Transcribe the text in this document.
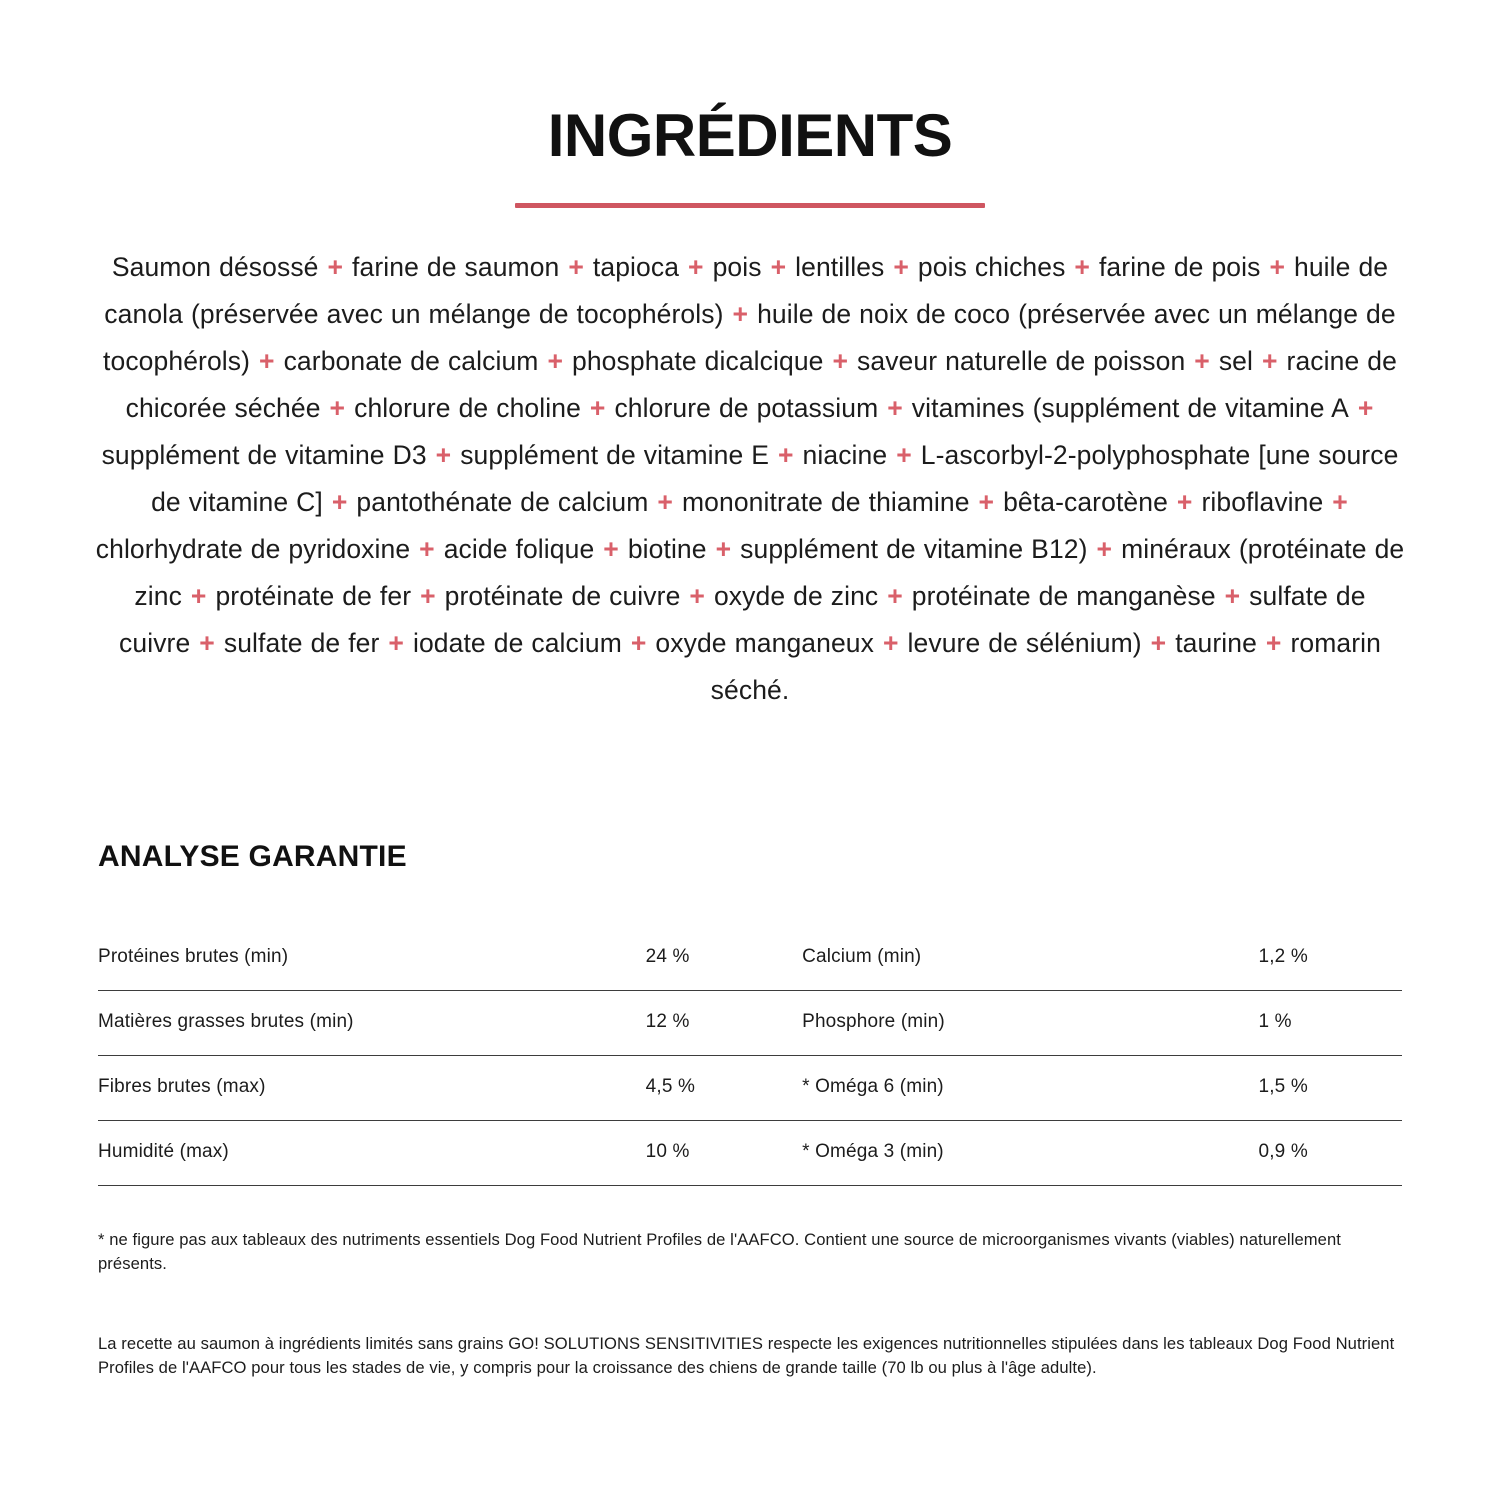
INGRÉDIENTS

Saumon désossé + farine de saumon + tapioca + pois + lentilles + pois chiches + farine de pois + huile de canola (préservée avec un mélange de tocophérols) + huile de noix de coco (préservée avec un mélange de tocophérols) + carbonate de calcium + phosphate dicalcique + saveur naturelle de poisson + sel + racine de chicorée séchée + chlorure de choline + chlorure de potassium + vitamines (supplément de vitamine A + supplément de vitamine D3 + supplément de vitamine E + niacine + L-ascorbyl-2-polyphosphate [une source de vitamine C] + pantothénate de calcium + mononitrate de thiamine + bêta-carotène + riboflavine + chlorhydrate de pyridoxine + acide folique + biotine + supplément de vitamine B12) + minéraux (protéinate de zinc + protéinate de fer + protéinate de cuivre + oxyde de zinc + protéinate de manganèse + sulfate de cuivre + sulfate de fer + iodate de calcium + oxyde manganeux + levure de sélénium) + taurine + romarin séché.

ANALYSE GARANTIE
Protéines brutes (min)	24 %	Calcium (min)	1,2 %
Matières grasses brutes (min)	12 %	Phosphore (min)	1 %
Fibres brutes (max)	4,5 %	* Oméga 6 (min)	1,5 %
Humidité (max)	10 %	* Oméga 3 (min)	0,9 %

* ne figure pas aux tableaux des nutriments essentiels Dog Food Nutrient Profiles de l'AAFCO. Contient une source de microorganismes vivants (viables) naturellement présents.

La recette au saumon à ingrédients limités sans grains GO! SOLUTIONS SENSITIVITIES respecte les exigences nutritionnelles stipulées dans les tableaux Dog Food Nutrient Profiles de l'AAFCO pour tous les stades de vie, y compris pour la croissance des chiens de grande taille (70 lb ou plus à l'âge adulte).
